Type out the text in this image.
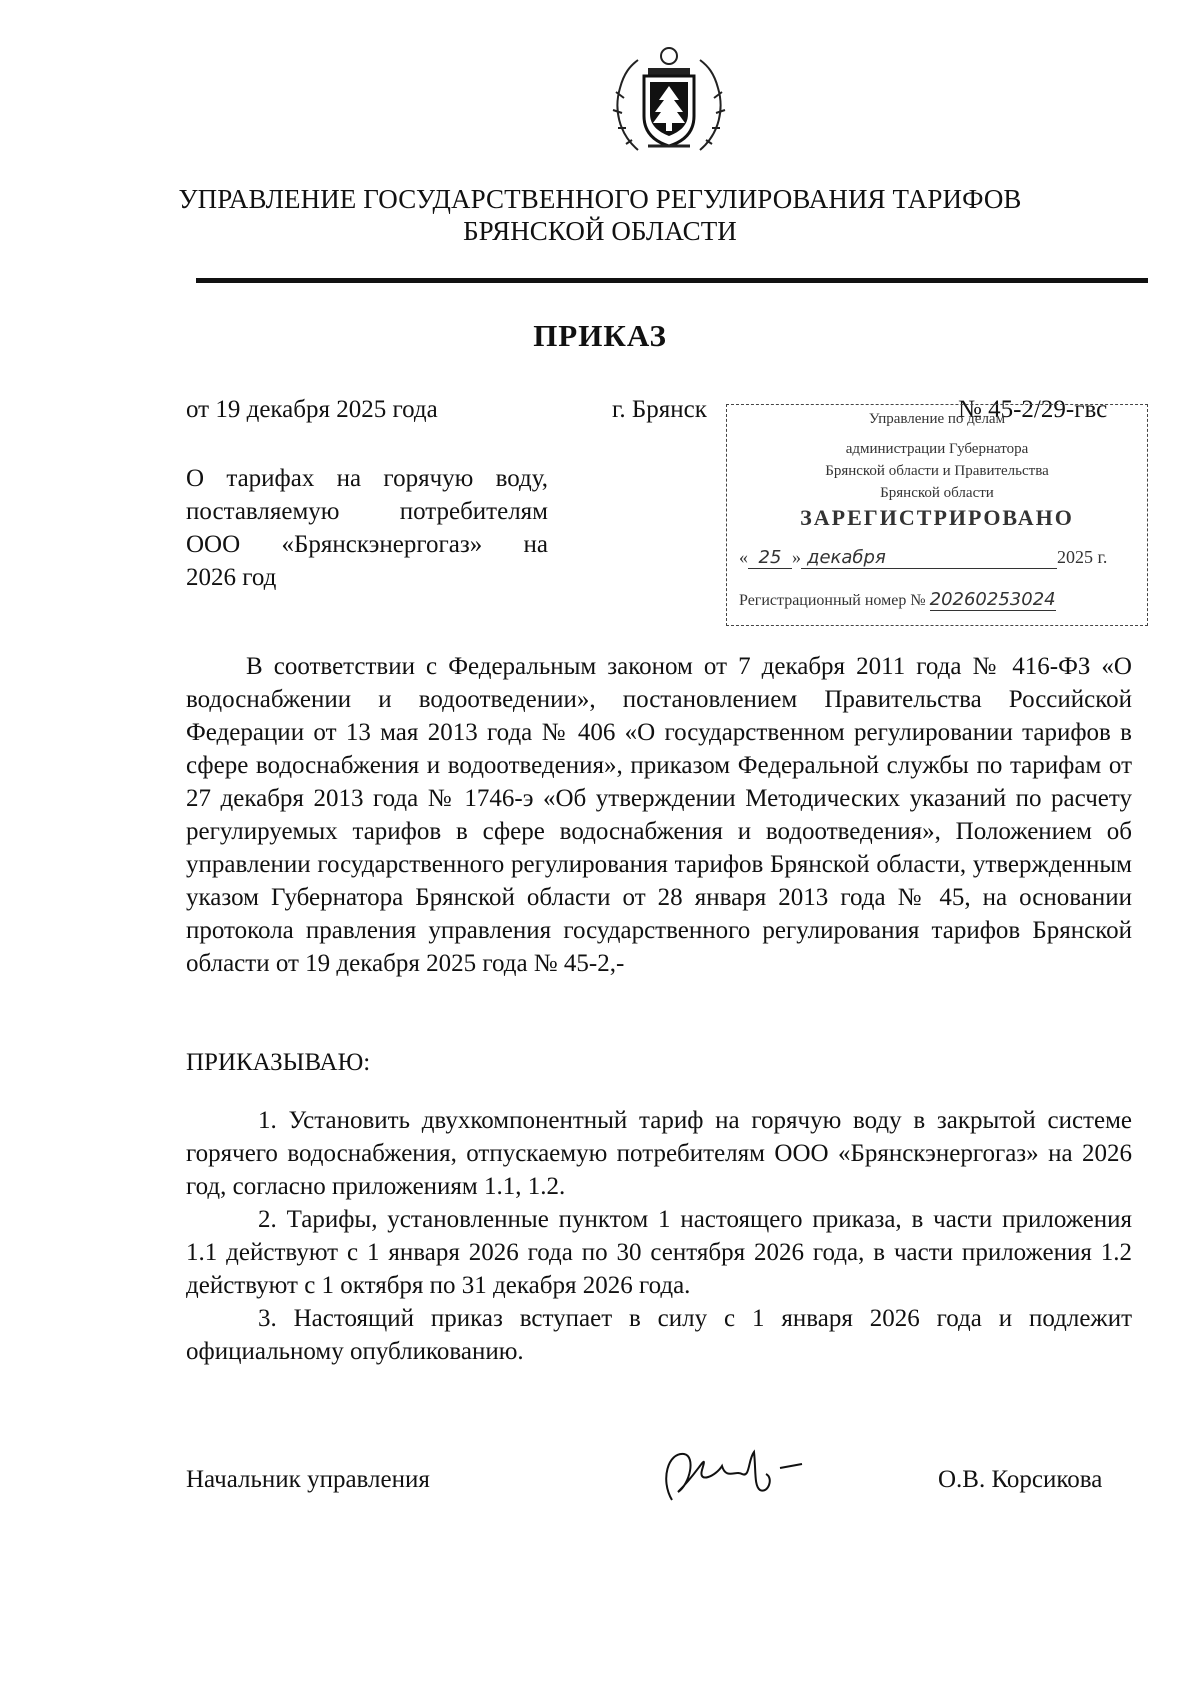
УПРАВЛЕНИЕ ГОСУДАРСТВЕННОГО РЕГУЛИРОВАНИЯ ТАРИФОВ
БРЯНСКОЙ ОБЛАСТИ
ПРИКАЗ
от 19 декабря 2025 года	г. Брянск	№ 45-2/29-гвс
О тарифах на горячую воду,
поставляемую потребителям
ООО «Брянскэнергогаз» на
2026 год
Управление по делам
администрации Губернатора
Брянской области и Правительства
Брянской области
ЗАРЕГИСТРИРОВАНО
« 25 » декабря	2025 г.
Регистрационный номер № 20260253024

В соответствии с Федеральным законом от 7 декабря 2011 года № 416-ФЗ «О водоснабжении и водоотведении», постановлением Правительства Российской Федерации от 13 мая 2013 года № 406 «О государственном регулировании тарифов в сфере водоснабжения и водоотведения», приказом Федеральной службы по тарифам от 27 декабря 2013 года № 1746-э «Об утверждении Методических указаний по расчету регулируемых тарифов в сфере водоснабжения и водоотведения», Положением об управлении государственного регулирования тарифов Брянской области, утвержденным указом Губернатора Брянской области от 28 января 2013 года № 45, на основании протокола правления управления государственного регулирования тарифов Брянской области от 19 декабря 2025 года № 45-2,-

ПРИКАЗЫВАЮ:

1. Установить двухкомпонентный тариф на горячую воду в закрытой системе горячего водоснабжения, отпускаемую потребителям ООО «Брянскэнергогаз» на 2026 год, согласно приложениям 1.1, 1.2.

2. Тарифы, установленные пунктом 1 настоящего приказа, в части приложения 1.1 действуют с 1 января 2026 года по 30 сентября 2026 года, в части приложения 1.2 действуют с 1 октября по 31 декабря 2026 года.

3. Настоящий приказ вступает в силу с 1 января 2026 года и подлежит официальному опубликованию.

Начальник управления	О.В. Корсикова
